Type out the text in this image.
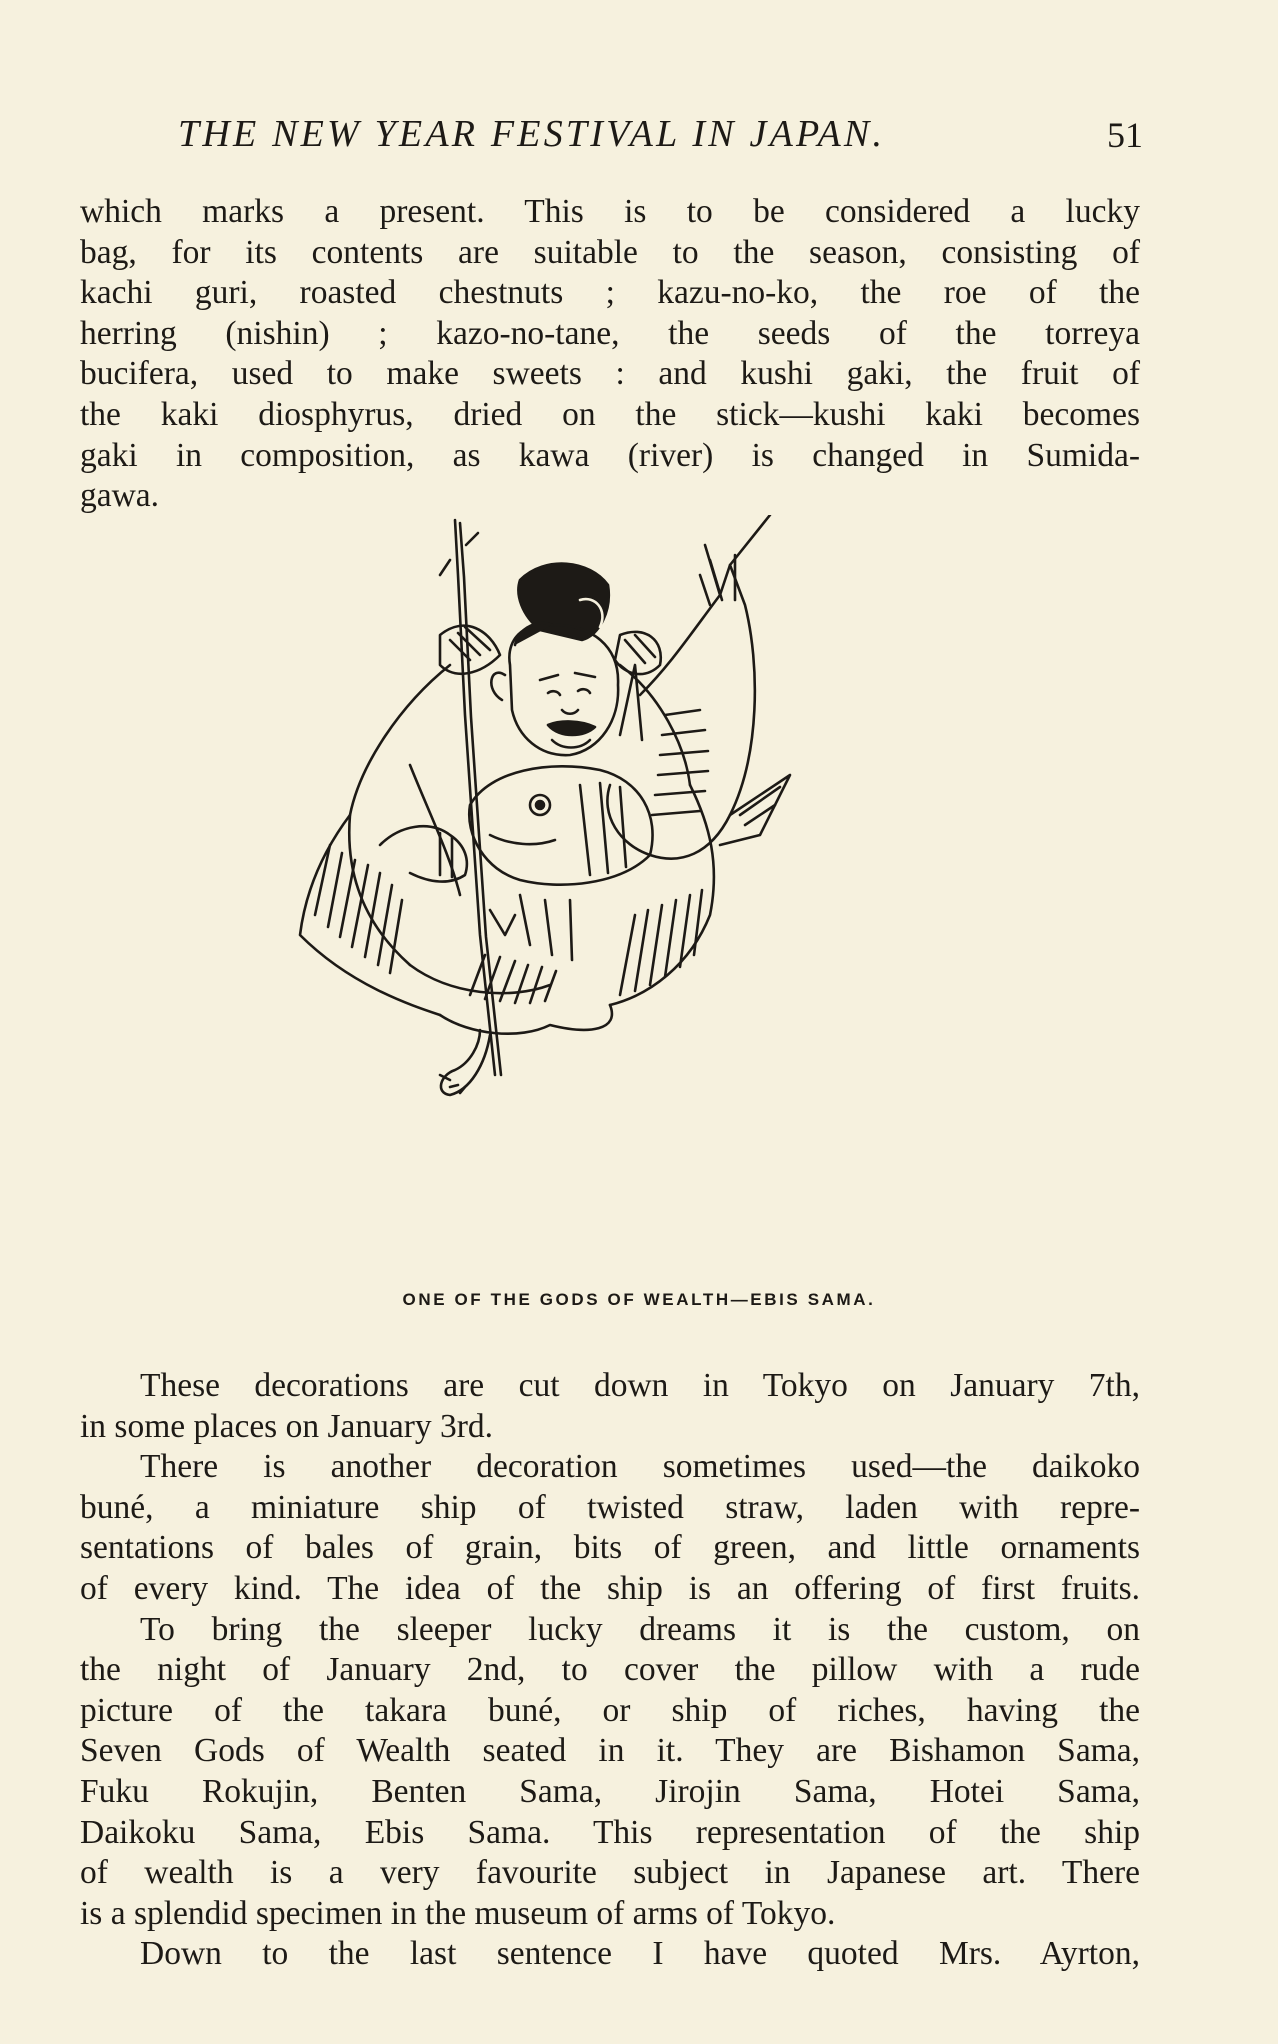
THE NEW YEAR FESTIVAL IN JAPAN.	51
which marks a present. This is to be considered a lucky
bag, for its contents are suitable to the season, consisting of
kachi guri, roasted chestnuts ; kazu-no-ko, the roe of the
herring (nishin) ; kazo-no-tane, the seeds of the torreya
bucifera, used to make sweets : and kushi gaki, the fruit of
the kaki diosphyrus, dried on the stick—kushi kaki becomes
gaki in composition, as kawa (river) is changed in Sumida-
gawa.
ONE OF THE GODS OF WEALTH—EBIS SAMA.
These decorations are cut down in Tokyo on January 7th,
in some places on January 3rd.
There is another decoration sometimes used—the daikoko
buné, a miniature ship of twisted straw, laden with repre-
sentations of bales of grain, bits of green, and little ornaments
of every kind. The idea of the ship is an offering of first fruits.
To bring the sleeper lucky dreams it is the custom, on
the night of January 2nd, to cover the pillow with a rude
picture of the takara buné, or ship of riches, having the
Seven Gods of Wealth seated in it. They are Bishamon Sama,
Fuku Rokujin, Benten Sama, Jirojin Sama, Hotei Sama,
Daikoku Sama, Ebis Sama. This representation of the ship
of wealth is a very favourite subject in Japanese art. There
is a splendid specimen in the museum of arms of Tokyo.
Down to the last sentence I have quoted Mrs. Ayrton,
